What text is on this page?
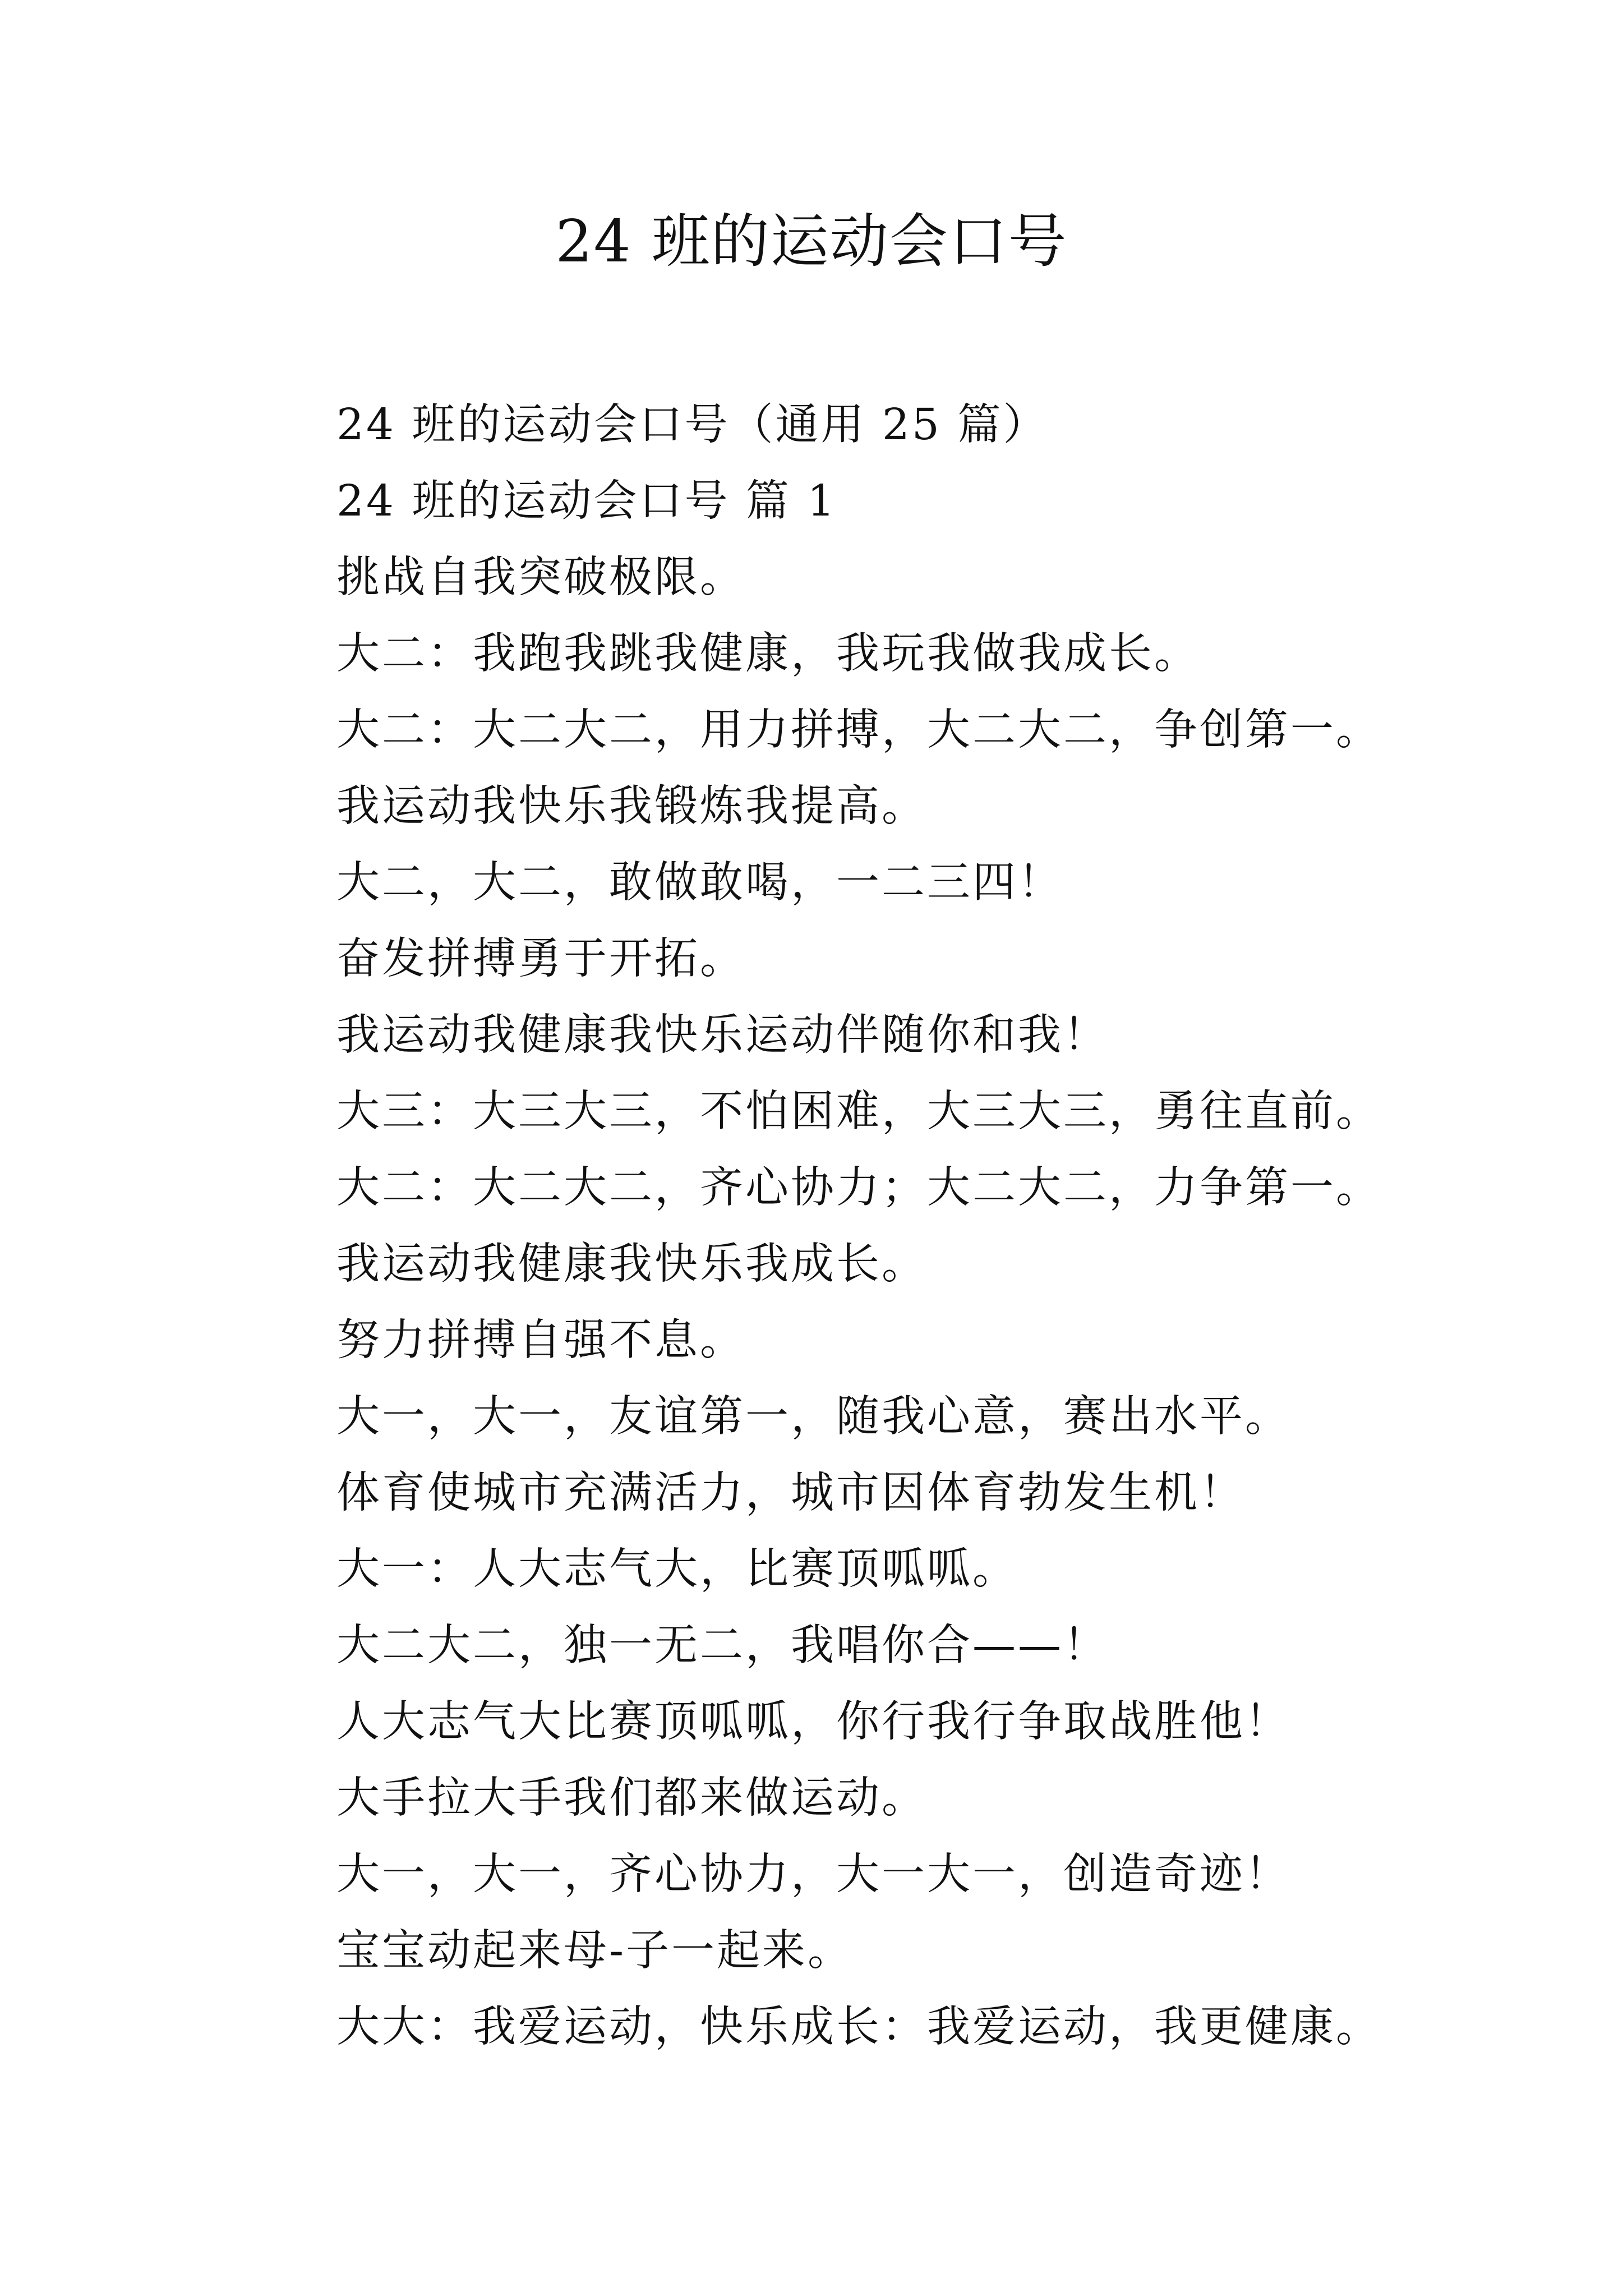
24 班的运动会口号

24 班的运动会口号（通用 25 篇）

24 班的运动会口号 篇 1

挑战自我突破极限。

大二：我跑我跳我健康，我玩我做我成长。

大二：大二大二，用力拼搏，大二大二，争创第一。

我运动我快乐我锻炼我提高。

大二，大二，敢做敢喝，一二三四！

奋发拼搏勇于开拓。

我运动我健康我快乐运动伴随你和我！

大三：大三大三，不怕困难，大三大三，勇往直前。

大二：大二大二，齐心协力；大二大二，力争第一。

我运动我健康我快乐我成长。

努力拼搏自强不息。

大一，大一，友谊第一，随我心意，赛出水平。

体育使城市充满活力，城市因体育勃发生机！

大一：人大志气大，比赛顶呱呱。

大二大二，独一无二，我唱你合——！

人大志气大比赛顶呱呱，你行我行争取战胜他！

大手拉大手我们都来做运动。

大一，大一，齐心协力，大一大一，创造奇迹！

宝宝动起来母-子一起来。

大大：我爱运动，快乐成长：我爱运动，我更健康。
